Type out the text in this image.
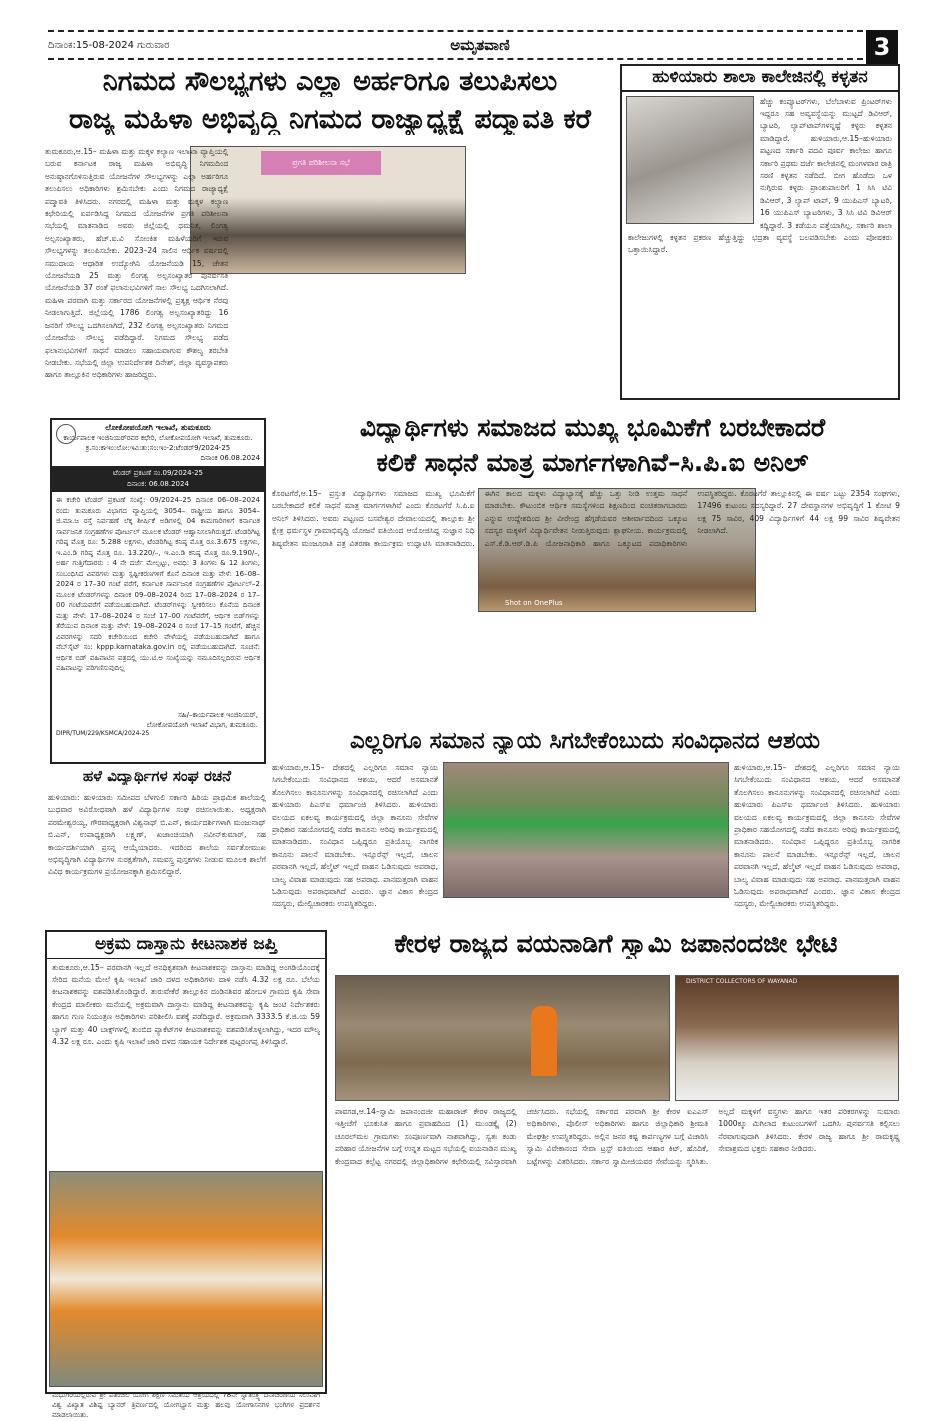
ದಿನಾಂಕ:15-08-2024 ಗುರುವಾರ	ಅಮೃತವಾಣಿ	3
ನಿಗಮದ ಸೌಲಭ್ಯಗಳು ಎಲ್ಲಾ ಅರ್ಹರಿಗೂ ತಲುಪಿಸಲು
ರಾಜ್ಯ ಮಹಿಳಾ ಅಭಿವೃದ್ಧಿ ನಿಗಮದ ರಾಜ್ಯಾಧ್ಯಕ್ಷೆ ಪದ್ಮಾವತಿ ಕರೆ
ಪ್ರಗತಿ ಪರಿಶೀಲನಾ ಸಭೆ
ತುಮಕೂರು,ಆ.15– ಮಹಿಳಾ ಮತ್ತು ಮಕ್ಕಳ ಕಲ್ಯಾಣ ಇಲಾಖಾ ವ್ಯಾಪ್ತಿಯಲ್ಲಿ ಬರುವ ಕರ್ನಾಟಕ ರಾಜ್ಯ ಮಹಿಳಾ ಅಭಿವೃದ್ಧಿ ನಿಗಮದಿಂದ ಅನುಷ್ಠಾನಗೊಳಿಸುತ್ತಿರುವ ಯೋಜನೆಗಳ ಸೌಲಭ್ಯಗಳನ್ನು ಎಲ್ಲಾ ಅರ್ಹರಿಗೂ ತಲುಪಿಸಲು ಅಧಿಕಾರಿಗಳು ಶ್ರಮಿಸಬೇಕು ಎಂದು ನಿಗಮದ ರಾಜ್ಯಾಧ್ಯಕ್ಷೆ ಪದ್ಮಾವತಿ ತಿಳಿಸಿದರು. ನಗರದಲ್ಲಿ ಮಹಿಳಾ ಮತ್ತು ಮಕ್ಕಳ ಕಲ್ಯಾಣ ಕಛೇರಿಯಲ್ಲಿ ಏರ್ಪಡಿಸಿದ್ದ ನಿಗಮದ ಯೋಜನೆಗಳ ಪ್ರಗತಿ ಪರಿಶೀಲನಾ ಸಭೆಯಲ್ಲಿ ಮಾತನಾಡಿದ ಅವರು ಜಿಲ್ಲೆಯಲ್ಲಿ ಧಮನಿತ, ಲಿಂಗತ್ವ ಅಲ್ಪಸಂಖ್ಯಾತರು, ಹೆಚ್.ಐ.ವಿ ಸೋಂಕಿತ ಮಹಿಳೆಯರಿಗೆ ಇರುವ ಸೌಲಭ್ಯಗಳನ್ನು ತಲುಪಿಸಬೇಕು. 2023–24 ಸಾಲಿನ ಆರ್ಥಿಕ ವರ್ಷದಲ್ಲಿ ಸಮುದಾಯ ಆಧಾರಿತ ಉದ್ಯೋಗಿನಿ ಯೋಜನೆಯಡಿ 15, ಚೇತನ ಯೋಜನೆಯಡಿ 25 ಮತ್ತು ಲಿಂಗತ್ವ ಅಲ್ಪಸಂಖ್ಯಾತರ ಪುನರ್ವಸತಿ ಯೋಜನೆಯಡಿ 37 ರಂತೆ ಫಲಾನುಭವಿಗಳಿಗೆ ಸಾಲ ಸೌಲಭ್ಯ ಒದಗಿಸಲಾಗಿದೆ. ಮಹಿಳಾ ಪರವಾಗಿ ಮತ್ತು ಸರ್ಕಾರದ ಯೋಜನೆಗಳಲ್ಲಿ ಪ್ರತ್ಯಕ್ಷ ಆರ್ಥಿಕ ನೆರವು ನೀಡಲಾಗುತ್ತಿದೆ. ಜಿಲ್ಲೆಯಲ್ಲಿ 1786 ಲಿಂಗತ್ವ ಅಲ್ಪಸಂಖ್ಯಾತರಿದ್ದು 16 ಜನರಿಗೆ ಸೌಲಭ್ಯ ಒದಗಿಸಲಾಗಿದೆ, 232 ಲಿಂಗತ್ವ ಅಲ್ಪಸಂಖ್ಯಾತರು ನಿಗಮದ ಯೋಜನೆಯ ಸೌಲಭ್ಯ ಪಡೆದಿದ್ದಾರೆ. ನಿಗಮದ ಸೌಲಭ್ಯ ಪಡೆದ ಫಲಾನುಭವಿಗಳಿಗೆ ಸಾಧನೆ ಮಾಡಲು ಸಹಾಯವಾಗುವ ಕೌಶಲ್ಯ ತರಬೇತಿ ನೀಡಬೇಕು. ಸಭೆಯಲ್ಲಿ ಜಿಲ್ಲಾ ಉಪನಿರ್ದೇಶಕ ದಿನೇಶ್, ಜಿಲ್ಲಾ ವ್ಯವಸ್ಥಾಪಕರು ಹಾಗೂ ತಾಲ್ಲೂಕಿನ ಅಧಿಕಾರಿಗಳು ಹಾಜರಿದ್ದರು.
ಹುಳಿಯಾರು ಶಾಲಾ ಕಾಲೇಜಿನಲ್ಲಿ ಕಳ್ಳತನ
ಹೆಚ್ಚು ಕಂಪ್ಯೂಟರ್‌ಗಳು, ಬೆಲೆಬಾಳುವ ಪ್ರಿಂಟರ್‌ಗಳು ಇದ್ದರೂ ಸಹ ಅವ್ಯವಸ್ಥೆಯನ್ನು ಮುಟ್ಟದೆ ಡಿವಿಆರ್, ಬ್ಯಾಟರಿ, ಲ್ಯಾಪ್‌ಟಾಪ್‌ಗಳನ್ನಷ್ಟೆ ಕಳ್ಳರು ಕಳ್ಳತನ ಮಾಡಿದ್ದಾರೆ. ಹುಳಿಯಾರು,ಆ.15–ಹುಳಿಯಾರು ಪಟ್ಟಣದ ಸರ್ಕಾರಿ ಪದವಿ ಪೂರ್ವ ಕಾಲೇಜು ಹಾಗೂ ಸರ್ಕಾರಿ ಪ್ರಥಮ ದರ್ಜೆ ಕಾಲೇಜಿನಲ್ಲಿ ಮಂಗಳವಾರ ರಾತ್ರಿ ಸರಣಿ ಕಳ್ಳತನ ನಡೆದಿದೆ. ಬೀಗ ಹೊಡೆದು ಒಳ ನುಗ್ಗಿರುವ ಕಳ್ಳರು ಪ್ರಾಂಶುಪಾಲರಿಗೆ 1 ಸಿಸಿ ಟಿವಿ ಡಿವಿಆರ್, 3 ಲ್ಯಾಪ್ ಟಾಪ್, 9 ಯುಪಿಎಸ್ ಬ್ಯಾಟರಿ, 16 ಯುಪಿಎಸ್ ಬ್ಯಾಟರಿಗಳು, 3 ಸಿಸಿ ಟಿವಿ ಡಿವಿಆರ್ ಕದ್ದಿದ್ದಾರೆ. 3 ಕಡೆಯೂ ಪತ್ತೆಯಾಗಿಲ್ಲ. ಸರ್ಕಾರಿ ಶಾಲಾ ಕಾಲೇಜುಗಳಲ್ಲಿ ಕಳ್ಳತನ ಪ್ರಕರಣ ಹೆಚ್ಚುತ್ತಿದ್ದು ಭದ್ರತಾ ವ್ಯವಸ್ಥೆ ಬಲಪಡಿಸಬೇಕು ಎಂದು ಪೋಷಕರು ಒತ್ತಾಯಿಸಿದ್ದಾರೆ.
ಲೋಕೋಪಯೋಗಿ ಇಲಾಖೆ, ತುಮಕೂರು
ಕಾರ್ಯಪಾಲಕ ಇಂಜಿನಿಯರ್‌ರವರ ಕಛೇರಿ, ಲೋಕೋಪಯೋಗಿ ಇಲಾಖೆ, ತುಮಕೂರು.
ಕ್ರ.ಸಂ:ಕಾಇಂ:ಲೋ:ಇವಿ:ತು:ಸಂ:ಇಂ-2:ಟೆಂಡರ್9/2024-25
ದಿನಾಂಕ 06.08.2024
ಟೆಂಡರ್ ಪ್ರಕಟಣೆ ಸಂ.09/2024-25
ದಿನಾಂಕ: 06.08.2024
ಈ ಕಚೇರಿ ಟೆಂಡರ್ ಪ್ರಕಟಣೆ ಸಂಖ್ಯೆ: 09/2024–25 ದಿನಾಂಕ 06–08–2024 ರಂದು ತುಮಕೂರು ವಿಭಾಗದ ವ್ಯಾಪ್ತಿಯಲ್ಲಿ 3054– ರಾಷ್ಟ್ರೀಯ ಹಾಗೂ 3054– ಜಿ.ಮಾ.ಜ ರಸ್ತೆ ನಿರ್ವಹಣೆ ಲೆಕ್ಕ ಶೀರ್ಷಿಕೆ ಅಡಿಗಳಲ್ಲಿ 04 ಕಾಮಗಾರಿಗಳಿಗೆ ಕರ್ನಾಟಕ ಸಾರ್ವಜನಿಕ ಸಂಗ್ರಹಣೆಗಳ ಪೋರ್ಟಲ್ ಮೂಲಕ ಟೆಂಡರ್ ಆಹ್ವಾನಿಸಲಾಗಿರುತ್ತದೆ. ಟೆಂಡರಿಗಿಟ್ಟ ಗರಿಷ್ಠ ಮೊತ್ತ ರೂ: 5.288 ಲಕ್ಷಗಳು, ಟೆಂಡರಿಗಿಟ್ಟ ಕನಿಷ್ಠ ಮೊತ್ತ ರೂ.3.675 ಲಕ್ಷಗಳು, ಇ.ಎಂ.ಡಿ ಗರಿಷ್ಠ ಮೊತ್ತ ರೂ. 13.220/–, ಇ.ಎಂ.ಡಿ ಕನಿಷ್ಠ ಮೊತ್ತ ರೂ.9.190/–, ಅರ್ಹ ಗುತ್ತಿಗೆದಾರರು : 4 ನೇ ದರ್ಜೆ ಮೇಲ್ಪಟ್ಟು, ಅವಧಿ: 3 ತಿಂಗಳು & 12 ತಿಂಗಳು, ಸಂಬಂಧಿಸಿದ ವಿವರಗಳು ಮತ್ತು ಸ್ಪಷ್ಟೀಕರಣಗಳಿಗೆ ಕೊನೆ ದಿನಾಂಕ ಮತ್ತು ವೇಳೆ: 16–08–2024 ರ 17–30 ಗಂಟೆ ವರೆಗೆ, ಕರ್ನಾಟಕ ಸಾರ್ವಜನಿಕ ಸಂಗ್ರಹಣೆಗಳ ಪೋರ್ಟಲ್–2 ಮೂಲಕ ಟೆಂಡರ್‌ಗಳನ್ನು ದಿನಾಂಕ 09–08–2024 ರಿಂದ 17–08–2024 ರ 17–00 ಗಂಟೆಯವರೆಗೆ ಪಡೆಯಬಹುದಾಗಿದೆ. ಟೆಂಡರ್‌ಗಳನ್ನು ಸ್ವೀಕರಿಸಲು ಕೊನೆಯ ದಿನಾಂಕ ಮತ್ತು ವೇಳೆ: 17–08–2024 ರ ಸಂಜೆ 17–00 ಗಂಟೆವರೆಗೆ, ಆರ್ಥಿಕ ಬಿಡ್‌ಗಳನ್ನು ತೆರೆಯುವ ದಿನಾಂಕ ಮತ್ತು ವೇಳೆ: 19–08–2024 ರ ಸಂಜೆ 17–15 ಗಂಟೆಗೆ, ಹೆಚ್ಚಿನ ವಿವರಗಳನ್ನು ಸದರಿ ಕಚೇರಿಯಿಂದ ಕಚೇರಿ ವೇಳೆಯಲ್ಲಿ ಪಡೆಯಬಹುದಾಗಿದೆ ಹಾಗೂ ವೆಬ್‌ಸೈಟ್ ಸಂ: kppp.karnataka.gov.in ರಲ್ಲಿ ಪಡೆಯಬಹುದಾಗಿದೆ. ಸೂಚನೆ: ಆರ್ಥಿಕ ಬಿಡ್ ವಹಿವಾಟಿನ ಪತ್ರದಲ್ಲಿ ಯು.ಟಿ.ಆ ಸಂಖ್ಯೆಯನ್ನು ನಮೂದಿಸಲ್ಲದಿರುವ ಆರ್ಥಿಕ ವಹಿವಾಟನ್ನು ಪರಿಗಣಿಸುವುದಿಲ್ಲ
ಸಹಿ/–ಕಾರ್ಯಪಾಲಕ ಇಂಜಿನಿಯರ್,
ಲೋಕೋಪಯೋಗಿ ಇಲಾಖೆ ವಿಭಾಗ, ತುಮಕೂರು.
DIPR/TUM/229/KSMCA/2024-25
ವಿದ್ಯಾರ್ಥಿಗಳು ಸಮಾಜದ ಮುಖ್ಯ ಭೂಮಿಕೆಗೆ ಬರಬೇಕಾದರೆ
ಕಲಿಕೆ ಸಾಧನೆ ಮಾತ್ರ ಮಾರ್ಗಗಳಾಗಿವೆ–ಸಿ.ಪಿ.ಐ ಅನಿಲ್
Shot on OnePlus
ಕೊರಟಗೆರೆ,ಆ.15– ಪ್ರಸ್ತುತ ವಿದ್ಯಾರ್ಥಿಗಳು ಸಮಾಜದ ಮುಖ್ಯ ಭೂಮಿಕೆಗೆ ಬರಬೇಕಾದರೆ ಕಲಿಕೆ ಸಾಧನೆ ಮಾತ್ರ ಮಾರ್ಗಗಳಾಗಿವೆ ಎಂದು ಕೊರಟಗೆರೆ ಸಿ.ಪಿ.ಐ ಅನಿಲ್ ತಿಳಿಸಿದರು. ಅವರು ಪಟ್ಟಣದ ಬಸವೇಶ್ವರ ದೇವಾಲಯದಲ್ಲಿ ತಾಲ್ಲೂಕು ಶ್ರೀ ಕ್ಷೇತ್ರ ಧರ್ಮಸ್ಥಳ ಗ್ರಾಮಾಭಿವೃದ್ಧಿ ಯೋಜನೆ ವತಿಯಿಂದ ಆಯೋಜಿಸಿದ್ದ ಸುಜ್ಞಾನ ನಿಧಿ ಶಿಷ್ಯವೇತನ ಮಂಜೂರಾತಿ ಪತ್ರ ವಿತರಣಾ ಕಾರ್ಯಕ್ರಮ ಉದ್ಘಾಟಿಸಿ ಮಾತನಾಡಿದರು. ಈಗಿನ ಕಾಲದ ಮಕ್ಕಳು ವಿದ್ಯಾಭ್ಯಾಸಕ್ಕೆ ಹೆಚ್ಚು ಒತ್ತು ನೀಡಿ ಉತ್ತಮ ಸಾಧನೆ ಮಾಡಬೇಕು. ಕೌಟುಂಬಿಕ ಆರ್ಥಿಕ ಸಮಸ್ಯೆಗಳಿಂದ ಶಿಕ್ಷಣದಿಂದ ವಂಚಿತರಾಗಬಾರದು ಎನ್ನುವ ಉದ್ದೇಶದಿಂದ ಶ್ರೀ ವೀರೇಂದ್ರ ಹೆಗ್ಗಡೆಯವರ ಆಶೀರ್ವಾದದಿಂದ ಒಕ್ಕೂಟ ಸದಸ್ಯರ ಮಕ್ಕಳಿಗೆ ವಿದ್ಯಾರ್ಥಿವೇತನ ನೀಡುತ್ತಿರುವುದು ಶ್ಲಾಘನೀಯ. ಕಾರ್ಯಕ್ರಮದಲ್ಲಿ ಎಸ್.ಕೆ.ಡಿ.ಆರ್.ಡಿ.ಪಿ ಯೋಜನಾಧಿಕಾರಿ ಹಾಗೂ ಒಕ್ಕೂಟದ ಪದಾಧಿಕಾರಿಗಳು ಉಪಸ್ಥಿತರಿದ್ದರು. ಕೊರಟಗೆರೆ ತಾಲ್ಲೂಕಿನಲ್ಲಿ ಈ ವರ್ಷ ಒಟ್ಟು 2354 ಸಂಘಗಳು, 17496 ಕುಟುಂಬ ಸದಸ್ಯರಿದ್ದಾರೆ. 27 ದೇವಸ್ಥಾನಗಳ ಅಭಿವೃದ್ಧಿಗೆ 1 ಕೋಟಿ 9 ಲಕ್ಷ 75 ಸಾವಿರ, 409 ವಿದ್ಯಾರ್ಥಿಗಳಿಗೆ 44 ಲಕ್ಷ 99 ಸಾವಿರ ಶಿಷ್ಯವೇತನ ನೀಡಲಾಗಿದೆ.
ಹಳೆ ವಿದ್ಯಾರ್ಥಿಗಳ ಸಂಘ ರಚನೆ
ಹುಳಿಯಾರು: ಹುಳಿಯಾರು ಸಮೀಪದ ಬೆಳಗುಲಿ ಸರ್ಕಾರಿ ಹಿರಿಯ ಪ್ರಾಥಮಿಕ ಶಾಲೆಯಲ್ಲಿ ಬುಧವಾರ ಅವಿರೋಧವಾಗಿ ಹಳೆ ವಿದ್ಯಾರ್ಥಿಗಳ ಸಂಘ ರಚಿಸಲಾಯಿತು. ಅಧ್ಯಕ್ಷರಾಗಿ ಪರಮೇಶ್ವರಯ್ಯ, ಗೌರವಾಧ್ಯಕ್ಷರಾಗಿ ವಿಶ್ವನಾಥ್ ಬಿ.ಎನ್, ಕಾರ್ಯದರ್ಶಿಗಳಾಗಿ ಮಂಜುನಾಥ್ ಬಿ.ಎನ್, ಉಪಾಧ್ಯಕ್ಷರಾಗಿ ಲಕ್ಷ್ಮಣ್, ಖಜಾಂಚಿಯಾಗಿ ನವೀನ್‌ಕುಮಾರ್, ಸಹ ಕಾರ್ಯದರ್ಶಿಯಾಗಿ ಪ್ರಸನ್ನ ಆಯ್ಕೆಯಾದರು. ಇದರಿಂದ ಶಾಲೆಯ ಸರ್ವತೋಮುಖ ಅಭಿವೃದ್ಧಿಗಾಗಿ ವಿದ್ಯಾರ್ಥಿಗಳ ಸುರಕ್ಷತೆಗಾಗಿ, ಸಮವಸ್ತ್ರ ಪುಸ್ತಕಗಳು ನೀಡುವ ಮೂಲಕ ಶಾಲೆಗೆ ವಿವಿಧ ಕಾರ್ಯಕ್ರಮಗಳ ಪ್ರಯೋಜನಕ್ಕಾಗಿ ಶ್ರಮಿಸಲಿದ್ದಾರೆ.
ಎಲ್ಲರಿಗೂ ಸಮಾನ ನ್ಯಾಯ ಸಿಗಬೇಕೆಂಬುದು ಸಂವಿಧಾನದ ಆಶಯ
ಹುಳಿಯಾರು,ಆ.15– ದೇಶದಲ್ಲಿ ಎಲ್ಲರಿಗೂ ಸಮಾನ ನ್ಯಾಯ ಸಿಗಬೇಕೆಂಬುದು ಸಂವಿಧಾನದ ಆಶಯ, ಆದರೆ ಅಸಮಾನತೆ ತೊಲಗಿಸಲು ಕಾನೂನುಗಳನ್ನು ಸಂವಿಧಾನದಲ್ಲಿ ರಚಿಸಲಾಗಿದೆ ಎಂದು ಹುಳಿಯಾರು ಪಿಎಸ್‌ಐ ಧರ್ಮಾಂಜಿ ತಿಳಿಸಿದರು. ಹುಳಿಯಾರು ವಲಯದ ಏಕಲವ್ಯ ಕಾರ್ಯಕ್ರಮದಲ್ಲಿ ಜಿಲ್ಲಾ ಕಾನೂನು ಸೇವೆಗಳ ಪ್ರಾಧಿಕಾರ ಸಹಯೋಗದಲ್ಲಿ ನಡೆದ ಕಾನೂನು ಅರಿವು ಕಾರ್ಯಕ್ರಮದಲ್ಲಿ ಮಾತನಾಡಿದರು. ಸಂವಿಧಾನ ಒಪ್ಪಿದ್ದರೂ ಪ್ರತಿಯೊಬ್ಬ ನಾಗರಿಕ ಕಾನೂನು ಪಾಲನೆ ಮಾಡಬೇಕು. ಇನ್ಸೂರೆನ್ಸ್ ಇಲ್ಲದೆ, ಚಾಲನ ಪರವಾನಗಿ ಇಲ್ಲದೆ, ಹೆಲ್ಮೆಟ್ ಇಲ್ಲದೆ ವಾಹನ ಓಡಿಸುವುದು ಅಪರಾಧ, ಬಾಲ್ಯ ವಿವಾಹ ಮಾಡುವುದು ಸಹ ಅಪರಾಧ. ಪಾನಮತ್ತರಾಗಿ ವಾಹನ ಓಡಿಸುವುದು ಅಪರಾಧವಾಗಿದೆ ಎಂದರು. ಜ್ಞಾನ ವಿಕಾಸ ಕೇಂದ್ರದ ಸದಸ್ಯರು, ಮೇಲ್ವಿಚಾರಕರು ಉಪಸ್ಥಿತರಿದ್ದರು.
ಹುಳಿಯಾರು,ಆ.15– ದೇಶದಲ್ಲಿ ಎಲ್ಲರಿಗೂ ಸಮಾನ ನ್ಯಾಯ ಸಿಗಬೇಕೆಂಬುದು ಸಂವಿಧಾನದ ಆಶಯ, ಆದರೆ ಅಸಮಾನತೆ ತೊಲಗಿಸಲು ಕಾನೂನುಗಳನ್ನು ಸಂವಿಧಾನದಲ್ಲಿ ರಚಿಸಲಾಗಿದೆ ಎಂದು ಹುಳಿಯಾರು ಪಿಎಸ್‌ಐ ಧರ್ಮಾಂಜಿ ತಿಳಿಸಿದರು. ಹುಳಿಯಾರು ವಲಯದ ಏಕಲವ್ಯ ಕಾರ್ಯಕ್ರಮದಲ್ಲಿ ಜಿಲ್ಲಾ ಕಾನೂನು ಸೇವೆಗಳ ಪ್ರಾಧಿಕಾರ ಸಹಯೋಗದಲ್ಲಿ ನಡೆದ ಕಾನೂನು ಅರಿವು ಕಾರ್ಯಕ್ರಮದಲ್ಲಿ ಮಾತನಾಡಿದರು. ಸಂವಿಧಾನ ಒಪ್ಪಿದ್ದರೂ ಪ್ರತಿಯೊಬ್ಬ ನಾಗರಿಕ ಕಾನೂನು ಪಾಲನೆ ಮಾಡಬೇಕು. ಇನ್ಸೂರೆನ್ಸ್ ಇಲ್ಲದೆ, ಚಾಲನ ಪರವಾನಗಿ ಇಲ್ಲದೆ, ಹೆಲ್ಮೆಟ್ ಇಲ್ಲದೆ ವಾಹನ ಓಡಿಸುವುದು ಅಪರಾಧ, ಬಾಲ್ಯ ವಿವಾಹ ಮಾಡುವುದು ಸಹ ಅಪರಾಧ. ಪಾನಮತ್ತರಾಗಿ ವಾಹನ ಓಡಿಸುವುದು ಅಪರಾಧವಾಗಿದೆ ಎಂದರು. ಜ್ಞಾನ ವಿಕಾಸ ಕೇಂದ್ರದ ಸದಸ್ಯರು, ಮೇಲ್ವಿಚಾರಕರು ಉಪಸ್ಥಿತರಿದ್ದರು.
ಅಕ್ರಮ ದಾಸ್ತಾನು ಕೀಟನಾಶಕ ಜಪ್ತಿ
ತುಮಕೂರು,ಆ.15– ಪರವಾನಗಿ ಇಲ್ಲದೆ ಅನಧಿಕೃತವಾಗಿ ಕೀಟನಾಶಕವನ್ನು ದಾಸ್ತಾನು ಮಾಡಿದ್ದ ಅಂಗಡಿಯೊಂದಕ್ಕೆ ಸೇರಿದ ಮನೆಯ ಮೇಲೆ ಕೃಷಿ ಇಲಾಖೆ ಜಾರಿ ದಳದ ಅಧಿಕಾರಿಗಳು ದಾಳಿ ನಡೆಸಿ 4.32 ಲಕ್ಷ ರೂ. ಬೆಲೆಯ ಕೀಟನಾಶಕವನ್ನು ವಶಪಡಿಸಿಕೊಂಡಿದ್ದಾರೆ. ತುರುವೇಕೆರೆ ತಾಲ್ಲೂಕಿನ ದಂಡಿನಶಿವರ ಹೋಬಳಿ ಗ್ರಾಮದ ಕೃಷಿ ಸೇವಾ ಕೇಂದ್ರದ ಮಾಲೀಕರು ಮನೆಯಲ್ಲಿ ಅಕ್ರಮವಾಗಿ ದಾಸ್ತಾನು ಮಾಡಿದ್ದ ಕೀಟನಾಶಕವನ್ನು ಕೃಷಿ ಜಂಟಿ ನಿರ್ದೇಶಕರು ಹಾಗೂ ಗುಣ ನಿಯಂತ್ರಣ ಅಧಿಕಾರಿಗಳು ಪರಿಶೀಲಿಸಿ ವಶಕ್ಕೆ ಪಡೆದಿದ್ದಾರೆ. ಅಕ್ರಮವಾಗಿ 3333.5 ಕೆ.ಜಿ.ಯ 59 ಬ್ಯಾಗ್ ಮತ್ತು 40 ಬಾಕ್ಸ್‌ಗಳಲ್ಲಿ ತುಂಬಿದ ಪ್ಯಾಕೆಟ್‌ಗಳ ಕೀಟನಾಶಕವನ್ನು ವಶಪಡಿಸಿಕೊಳ್ಳಲಾಗಿದ್ದು, ಇದರ ಮೌಲ್ಯ 4.32 ಲಕ್ಷ ರೂ. ಎಂದು ಕೃಷಿ ಇಲಾಖೆ ಜಾರಿ ದಳದ ಸಹಾಯಕ ನಿರ್ದೇಶಕ ಪುಟ್ಟರಂಗಪ್ಪ ತಿಳಿಸಿದ್ದಾರೆ.
ಮಧುಗಿರಿಯಲ್ಲಿರುವ ಶ್ರೀ ಪತಂಜಲಿ ಯೋಗ ಶಿಕ್ಷಣ ಸಮಿತಿಯ ಆಶ್ರಯದಲ್ಲಿ 78ನೇ ಸ್ವಾತಂತ್ರ್ಯ ದಿನಾಚರಣೆಯ ಸಲುವಾಗಿ ವಿಶ್ವ ವಿಖ್ಯಾತ ವಿಶಿಷ್ಟ ಬ್ಯಾನರ್ ತ್ರಿವರ್ಣದಲ್ಲಿ ಯೋಗಭ್ಯಾಸ ಮತ್ತು ಹಲವು ಯೋಗಾಸನಗಳ ಭಂಗಿಗಳ ಪ್ರದರ್ಶನ ಮಾಡಲಾಯಿತು.
ಕೇರಳ ರಾಜ್ಯದ ವಯನಾಡಿಗೆ ಸ್ವಾಮಿ ಜಪಾನಂದಜೀ ಭೇಟಿ
DISTRICT COLLECTORS OF WAYANAD
ಪಾವಗಡ,ಆ.14–ಸ್ವಾಮಿ ಜಪಾನಂದಜೀ ಮಹಾರಾಜ್ ಕೇರಳ ರಾಜ್ಯದಲ್ಲಿ ಇತ್ತೀಚೆಗೆ ಭೂಕುಸಿತ ಹಾಗೂ ಪ್ರವಾಹದಿಂದ (1) ಮುಂಡಕ್ಕೈ (2) ಚೂರಲ್‌ಮಲ ಗ್ರಾಮಗಳು ಸಂಪೂರ್ಣವಾಗಿ ನಾಶವಾಗಿದ್ದು, ಸ್ವತಃ ಕಂಡು ಪರಿಹಾರ ಯೋಜನೆಗಳ ಬಗ್ಗೆ ಉನ್ನತ ಮಟ್ಟದ ಸಭೆಯಲ್ಲಿ ವಯನಾಡಿನ ಮುಖ್ಯ ಕೇಂದ್ರವಾದ ಕಲ್ಪೆಟ್ಟ ನಗರದಲ್ಲಿ ಜಿಲ್ಲಾಧಿಕಾರಿಗಳ ಕಛೇರಿಯಲ್ಲಿ ಸವಿಸ್ತಾರವಾಗಿ ಚರ್ಚಿಸಿದರು. ಸಭೆಯಲ್ಲಿ ಸರ್ಕಾರದ ಪರವಾಗಿ ಶ್ರೀ ಕೇರಳ ಐಎಎಸ್ ಅಧಿಕಾರಿಗಳು, ಪೊಲೀಸ್ ಅಧಿಕಾರಿಗಳು ಹಾಗೂ ಜಿಲ್ಲಾಧಿಕಾರಿ ಶ್ರೀಮತಿ ಮೇಘಶ್ರೀ ಉಪಸ್ಥಿತರಿದ್ದರು. ಅಲ್ಲಿನ ಜನರ ಕಷ್ಟ ಕಾರ್ಪಣ್ಯಗಳ ಬಗ್ಗೆ ವಿಚಾರಿಸಿ ಸ್ವಾಮಿ ವಿವೇಕಾನಂದ ಸೇವಾ ಟ್ರಸ್ಟ್ ವತಿಯಿಂದ ಆಹಾರ ಕಿಟ್, ಹೊದಿಕೆ, ಬಟ್ಟೆಗಳನ್ನು ವಿತರಿಸಿದರು. ಸರ್ಕಾರ ಸ್ವಾಮೀಜಿಯವರ ಸೇವೆಯನ್ನು ಸ್ಮರಿಸಿತು. ಅಲ್ಲದೆ ಮಕ್ಕಳಿಗೆ ವಸ್ತ್ರಗಳು ಹಾಗೂ ಇತರ ಪರಿಕರಗಳನ್ನು ಸುಮಾರು 1000ಕ್ಕೂ ಮಿಗಿಲಾದ ಕುಟುಂಬಗಳಿಗೆ ಒದಗಿಸಿ ಪುನರ್ವಸತಿ ಕಲ್ಪಿಸಲು ನೆರವಾಗುವುದಾಗಿ ತಿಳಿಸಿದರು. ಕೇರಳ ರಾಜ್ಯ ಹಾಗೂ ಶ್ರೀ ರಾಮಕೃಷ್ಣ ಸೇವಾಶ್ರಮದ ಭಕ್ತರು ಸಹಕಾರ ನೀಡಿದರು.
